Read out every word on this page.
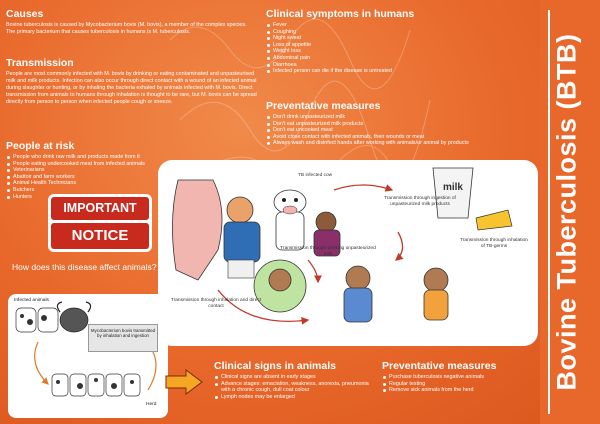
Causes

Bovine tuberculosis is caused by Mycobacterium bovis (M. bovis), a member of the complex species. The primary bacterium that causes tuberculosis in humans is M. tuberculosis.

Transmission

People are most commonly infected with M. bovis by drinking or eating contaminated and unpasteurised milk and milk products. Infection can also occur through direct contact with a wound of an infected animal during slaughter or hunting, or by inhaling the bacteria exhaled by animals infected with M. bovis. Direct transmission from animals to humans through inhalation is thought to be rare, but M. bovis can be spread directly from person to person when infected people cough or sneeze.

People at risk
People who drink raw milk and products made from it
People eating undercooked meat from infected animals
Veterinarians
Abattoir and farm workers
Animal Health Technicians
Butchers
Hunters
Clinical symptoms in humans
Fever
Coughing
Night sweat
Loss of appetite
Weight loss
Abdominal pain
Diarrhoea
Infected person can die if the disease is untreated
Preventative measures
Don't drink unpasteurized milk
Don't eat unpasteurized milk products
Don't eat uncooked meat
Avoid close contact with infected animals, their wounds or meat
Always wash and disinfect hands after working with animals/or animal by products	Bovine Tuberculosis (BTB)
IMPORTANT
NOTICE
TB infected cow
milk
Transmission through ingestion of unpasteurized milk products
Transmission through drinking unpasteurized milk
Transmission through inhalation and direct contact
Transmission through inhalation of TB-germs
How does this disease affect animals?
Infected animals
Mycobacterium bovis transmitted by inhalation and ingestion
Herd
Clinical signs in animals
Clinical signs are absent in early stages
Advance stages: emaciation, weakness, anorexia, pneumonia with a chronic cough, dull coat colour
Lymph nodes may be enlarged
Preventative measures
Purchase tuberculosis negative animals
Regular testing
Remove sick animals from the herd
